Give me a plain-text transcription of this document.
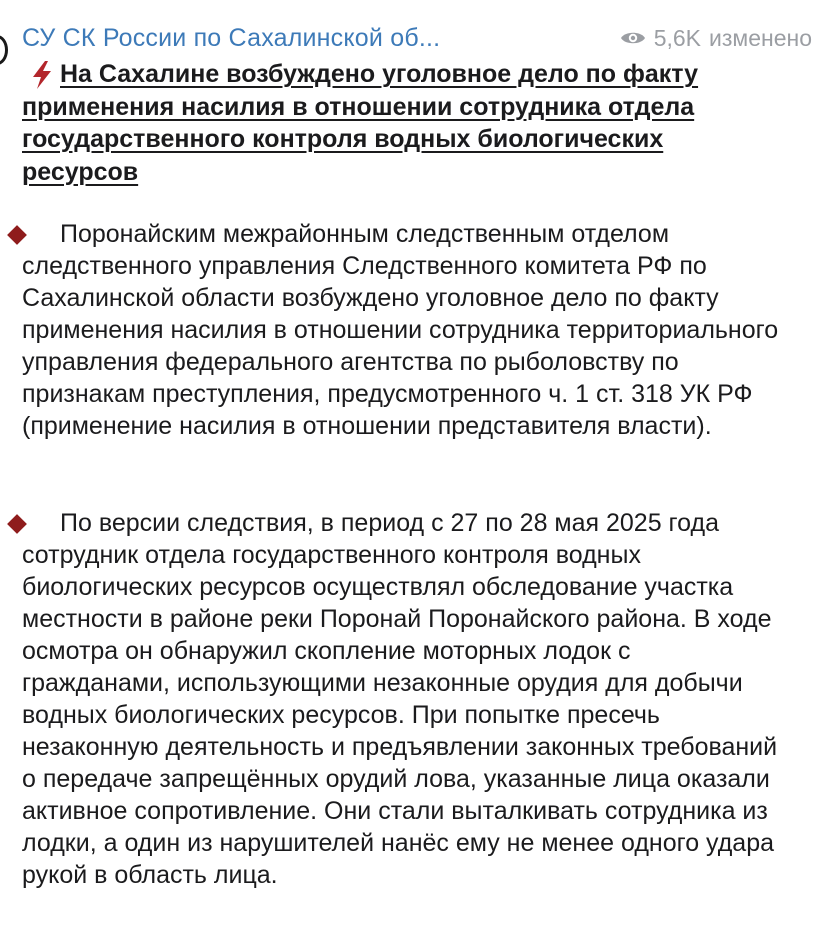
СУ СК России по Сахалинской об...	5,6K изменено

На Сахалине возбуждено уголовное дело по факту применения насилия в отношении сотрудника отдела государственного контроля водных биологических ресурсов

Поронайским межрайонным следственным отделом следственного управления Следственного комитета РФ по Сахалинской области возбуждено уголовное дело по факту применения насилия в отношении сотрудника территориального управления федерального агентства по рыболовству по признакам преступления, предусмотренного ч. 1 ст. 318 УК РФ (применение насилия в отношении представителя власти).

По версии следствия, в период с 27 по 28 мая 2025 года сотрудник отдела государственного контроля водных биологических ресурсов осуществлял обследование участка местности в районе реки Поронай Поронайского района. В ходе осмотра он обнаружил скопление моторных лодок с гражданами, использующими незаконные орудия для добычи водных биологических ресурсов. При попытке пресечь незаконную деятельность и предъявлении законных требований о передаче запрещённых орудий лова, указанные лица оказали активное сопротивление. Они стали выталкивать сотрудника из лодки, а один из нарушителей нанёс ему не менее одного удара рукой в область лица.
